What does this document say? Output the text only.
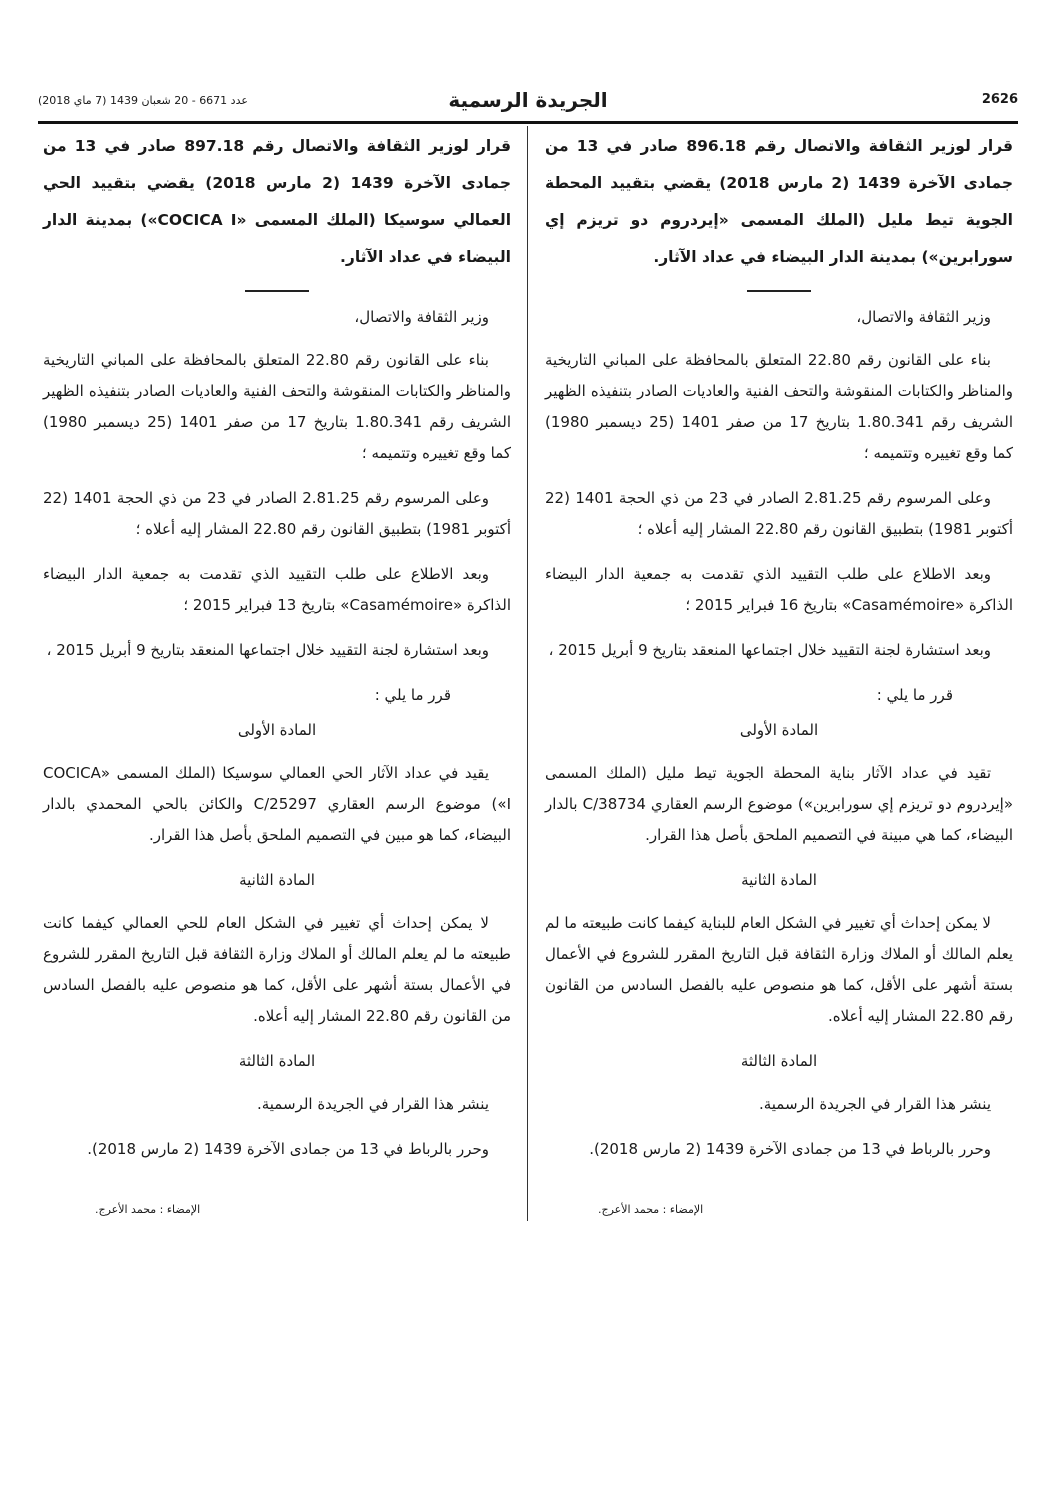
2626
الجريدة الرسمية
عدد 6671 - 20 شعبان 1439 (7 ماي 2018)

قرار لوزير الثقافة والاتصال رقم 896.18 صادر في 13 من جمادى الآخرة 1439 (2 مارس 2018) يقضي بتقييد المحطة الجوية تيط مليل (الملك المسمى «إيردروم دو تريزم إي سورابرين») بمدينة الدار البيضاء في عداد الآثار.

وزير الثقافة والاتصال،

بناء على القانون رقم 22.80 المتعلق بالمحافظة على المباني التاريخية والمناظر والكتابات المنقوشة والتحف الفنية والعاديات الصادر بتنفيذه الظهير الشريف رقم 1.80.341 بتاريخ 17 من صفر 1401 (25 ديسمبر 1980) كما وقع تغييره وتتميمه ؛

وعلى المرسوم رقم 2.81.25 الصادر في 23 من ذي الحجة 1401 (22 أكتوبر 1981) بتطبيق القانون رقم 22.80 المشار إليه أعلاه ؛

وبعد الاطلاع على طلب التقييد الذي تقدمت به جمعية الدار البيضاء الذاكرة «Casamémoire» بتاريخ 16 فبراير 2015 ؛

وبعد استشارة لجنة التقييد خلال اجتماعها المنعقد بتاريخ 9 أبريل 2015 ،

قرر ما يلي :

المادة الأولى

تقيد في عداد الآثار بناية المحطة الجوية تيط مليل (الملك المسمى «إيردروم دو تريزم إي سورابرين») موضوع الرسم العقاري C/38734 بالدار البيضاء، كما هي مبينة في التصميم الملحق بأصل هذا القرار.

المادة الثانية

لا يمكن إحداث أي تغيير في الشكل العام للبناية كيفما كانت طبيعته ما لم يعلم المالك أو الملاك وزارة الثقافة قبل التاريخ المقرر للشروع في الأعمال بستة أشهر على الأقل، كما هو منصوص عليه بالفصل السادس من القانون رقم 22.80 المشار إليه أعلاه.

المادة الثالثة

ينشر هذا القرار في الجريدة الرسمية.

وحرر بالرباط في 13 من جمادى الآخرة 1439 (2 مارس 2018).

الإمضاء : محمد الأعرج.

قرار لوزير الثقافة والاتصال رقم 897.18 صادر في 13 من جمادى الآخرة 1439 (2 مارس 2018) يقضي بتقييد الحي العمالي سوسيكا (الملك المسمى «COCICA I») بمدينة الدار البيضاء في عداد الآثار.

وزير الثقافة والاتصال،

بناء على القانون رقم 22.80 المتعلق بالمحافظة على المباني التاريخية والمناظر والكتابات المنقوشة والتحف الفنية والعاديات الصادر بتنفيذه الظهير الشريف رقم 1.80.341 بتاريخ 17 من صفر 1401 (25 ديسمبر 1980) كما وقع تغييره وتتميمه ؛

وعلى المرسوم رقم 2.81.25 الصادر في 23 من ذي الحجة 1401 (22 أكتوبر 1981) بتطبيق القانون رقم 22.80 المشار إليه أعلاه ؛

وبعد الاطلاع على طلب التقييد الذي تقدمت به جمعية الدار البيضاء الذاكرة «Casamémoire» بتاريخ 13 فبراير 2015 ؛

وبعد استشارة لجنة التقييد خلال اجتماعها المنعقد بتاريخ 9 أبريل 2015 ،

قرر ما يلي :

المادة الأولى

يقيد في عداد الآثار الحي العمالي سوسيكا (الملك المسمى «COCICA I») موضوع الرسم العقاري C/25297 والكائن بالحي المحمدي بالدار البيضاء، كما هو مبين في التصميم الملحق بأصل هذا القرار.

المادة الثانية

لا يمكن إحداث أي تغيير في الشكل العام للحي العمالي كيفما كانت طبيعته ما لم يعلم المالك أو الملاك وزارة الثقافة قبل التاريخ المقرر للشروع في الأعمال بستة أشهر على الأقل، كما هو منصوص عليه بالفصل السادس من القانون رقم 22.80 المشار إليه أعلاه.

المادة الثالثة

ينشر هذا القرار في الجريدة الرسمية.

وحرر بالرباط في 13 من جمادى الآخرة 1439 (2 مارس 2018).

الإمضاء : محمد الأعرج.
